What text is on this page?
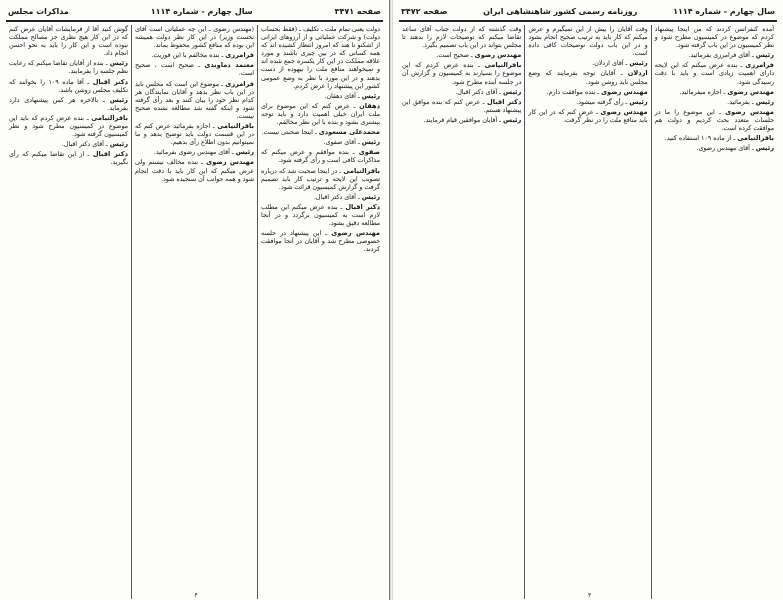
صفحه ۳۴۷۱
سال چهارم - شماره ۱۱۱۴
مذاکرات مجلس

دولت یعنی تمام ملت ـ تکلیف ـ (فقط بحساب دولت) و شرکت عملیاتی و از آرزوهای ایرانی از اشکنو تا هند که امروز انتظار کشیده اند که همه کسانی که در بین چیزی باشند و مورد علاقه مملکت در این کار یکسره جمع شده اند و نمیخواهند منافع ملت را بیهوده از دست بدهند و در این مورد با نظر به وضع عمومی کشور این پیشنهاد را عرض کردم.

رئیس ـ آقای دهقان.

دهقان ـ عرض کنم که این موضوع برای ملت ایران خیلی اهمیت دارد و باید توجه بیشتری بشود و بنده با این نظر مخالفم.

محمدعلی مسعودی ـ اینجا صحبتی نیست.

رئیس ـ آقای صفوی.

صفوی ـ بنده موافقم و عرض میکنم که مذاکرات کافی است و رأی گرفته شود.

باقرالتیامی ـ در اینجا صحبت شد که درباره تصویب این لایحه و ترتیب کار باید تصمیم گرفت و گزارش کمیسیون قرائت شود.

رئیس ـ آقای دکتر اقبال.

دکتر اقبال ـ بنده عرض میکنم این مطلب لازم است به کمیسیون برگردد و در آنجا مطالعه دقیق بشود.

مهندس رضوی ـ این پیشنهاد در جلسه خصوصی مطرح شد و آقایان در آنجا موافقت کردند.

(مهندس رضوی ـ این چه عملیاتی است آقای نخست وزیر) در این کار نظر دولت همیشه این بوده که منافع کشور محفوظ بماند.

فرامرزی ـ بنده مخالفم با این فوریت.

معتمد دماوندی ـ صحیح است ، صحیح است.

فرامرزی ـ موضوع این است که مجلس باید در این باب نظر بدهد و آقایان نمایندگان هر کدام نظر خود را بیان کنند و بعد رأی گرفته شود و اینکه گفته شد مطالعه نشده صحیح نیست.

باقرالتیامی ـ اجازه بفرمائید عرض کنم که در این قسمت دولت باید توضیح بدهد و ما نمیتوانیم بدون اطلاع رأی بدهیم.

رئیس ـ آقای مهندس رضوی بفرمائید.

مهندس رضوی ـ بنده مخالف نیستم ولی عرض میکنم که این کار باید با دقت انجام شود و همه جوانب آن سنجیده شود.

گوش کنید آقا از فرمایشات آقایان عرض کنم که در این کار هیچ نظری جز مصالح مملکت نبوده است و این کار را باید به نحو احسن انجام داد.

رئیس ـ بنده از آقایان تقاضا میکنم که رعایت نظم جلسه را بفرمایند.

دکتر اقبال ـ آقا ماده ۱۰۹ را بخوانند که تکلیف مجلس روشن باشد.

رئیس ـ بالاخره هر کس پیشنهادی دارد بفرماید.

باقرالتیامی ـ بنده عرض کردم که باید این موضوع در کمیسیون مطرح شود و نظر کمیسیون گرفته شود.

رئیس ـ آقای دکتر اقبال.

دکتر اقبال ـ از این تقاضا میکنم که رأی بگیرید.

۴
سال چهارم - شماره ۱۱۱۴
روزنامه رسمی کشور شاهنشاهی ایران
صفحه ۳۴۷۲

آمده کنفرانس کردند که من اینجا پیشنهاد کردم که موضوع در کمیسیون مطرح شود و نظر کمیسیون در این باب گرفته شود.

رئیس ـ آقای فرامرزی بفرمائید.

فرامرزی ـ بنده عرض میکنم که این لایحه دارای اهمیت زیادی است و باید با دقت رسیدگی شود.

مهندس رضوی ـ اجازه میفرمائید.

رئیس ـ بفرمائید.

مهندس رضوی ـ این موضوع را ما در جلسات متعدد بحث کردیم و دولت هم موافقت کرده است.

باقرالتیامی ـ از ماده ۱۰۹ استفاده کنید.

رئیس ـ آقای مهندس رضوی.

وقت آقایان را بیش از این نمیگیرم و عرض میکنم که کار باید به ترتیب صحیح انجام بشود و در این باب دولت توضیحات کافی داده است.

رئیس ـ آقای اردلان.

اردلان ـ آقایان توجه بفرمایند که وضع مجلس باید روشن شود.

مهندس رضوی ـ بنده موافقت دارم.

رئیس ـ رأی گرفته میشود.

مهندس رضوی ـ عرض کنم که در این کار باید منافع ملت را در نظر گرفت.

وقت گذشته که از دولت جناب آقای ساعد تقاضا میکنم که توضیحات لازم را بدهند تا مجلس بتواند در این باب تصمیم بگیرد.

مهندس رضوی ـ صحیح است.

باقرالتیامی ـ بنده عرض کردم که این موضوع را بسپارند به کمیسیون و گزارش آن در جلسه آینده مطرح شود.

رئیس ـ آقای دکتر اقبال.

دکتر اقبال ـ عرض کنم که بنده موافق این پیشنهاد هستم.

رئیس ـ آقایان موافقین قیام فرمایند.

۳
